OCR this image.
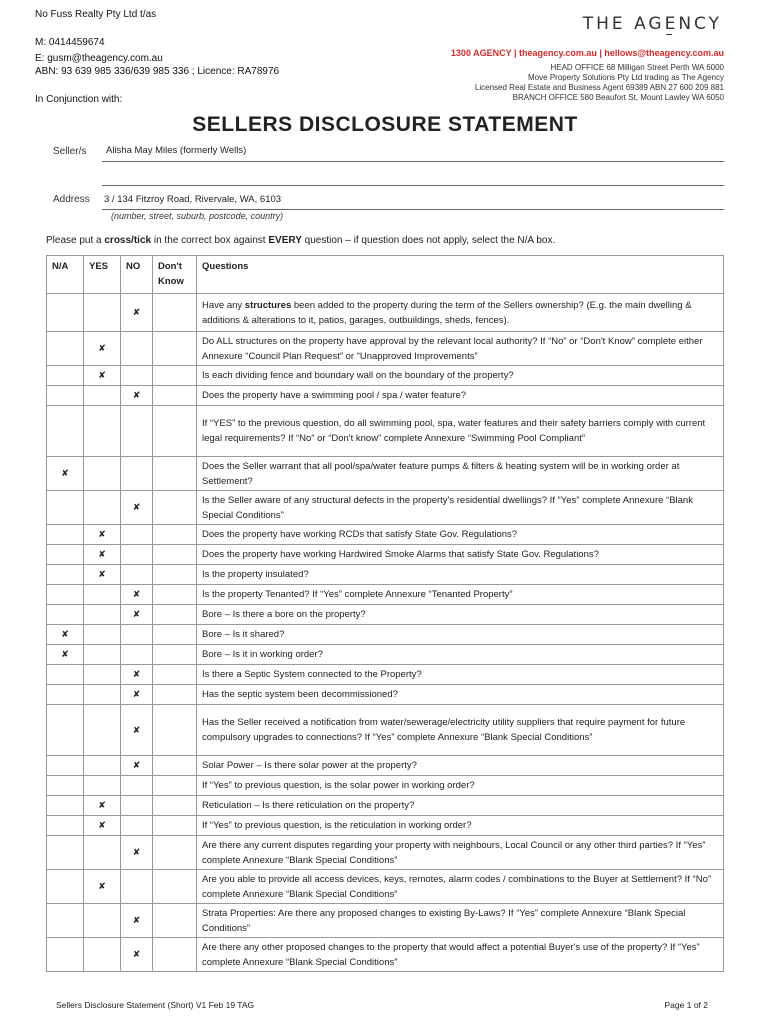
No Fuss Realty Pty Ltd t/as
M: 0414459674
E: gusm@theagency.com.au
ABN: 93 639 985 336/639 985 336 ; Licence: RA78976
In Conjunction with:
THE AGENCY
1300 AGENCY | theagency.com.au | hellows@theagency.com.au
HEAD OFFICE 68 Milligan Street Perth WA 6000
Move Property Solutions Pty Ltd trading as The Agency
Licensed Real Estate and Business Agent 69389 ABN 27 600 209 881
BRANCH OFFICE 580 Beaufort St, Mount Lawley WA 6050
SELLERS DISCLOSURE STATEMENT
Seller/s Alisha May Miles (formerly Wells)
Address 3 / 134 Fitzroy Road, Rivervale, WA, 6103
(number, street, suburb, postcode, country)
Please put a cross/tick in the correct box against EVERY question – if question does not apply, select the N/A box.
N/A	YES	NO	Don't Know	Questions
		✘		Have any structures been added to the property during the term of the Sellers ownership? (E.g. the main dwelling & additions & alterations to it, patios, garages, outbuildings, sheds, fences).
	✘			Do ALL structures on the property have approval by the relevant local authority? If “No” or “Don't Know” complete either Annexure “Council Plan Request” or “Unapproved Improvements”
	✘			Is each dividing fence and boundary wall on the boundary of the property?
		✘		Does the property have a swimming pool / spa / water feature?
				If “YES” to the previous question, do all swimming pool, spa, water features and their safety barriers comply with current legal requirements? If “No” or “Don't know” complete Annexure “Swimming Pool Compliant”
✘				Does the Seller warrant that all pool/spa/water feature pumps & filters & heating system will be in working order at Settlement?
		✘		Is the Seller aware of any structural defects in the property's residential dwellings? If “Yes” complete Annexure “Blank Special Conditions”
	✘			Does the property have working RCDs that satisfy State Gov. Regulations?
	✘			Does the property have working Hardwired Smoke Alarms that satisfy State Gov. Regulations?
	✘			Is the property insulated?
		✘		Is the property Tenanted? If “Yes” complete Annexure “Tenanted Property”
		✘		Bore – Is there a bore on the property?
✘				Bore – Is it shared?
✘				Bore – Is it in working order?
		✘		Is there a Septic System connected to the Property?
		✘		Has the septic system been decommissioned?
		✘		Has the Seller received a notification from water/sewerage/electricity utility suppliers that require payment for future compulsory upgrades to connections? If “Yes” complete Annexure “Blank Special Conditions”
		✘		Solar Power – Is there solar power at the property?
				If “Yes” to previous question, is the solar power in working order?
	✘			Reticulation – Is there reticulation on the property?
	✘			If “Yes” to previous question, is the reticulation in working order?
		✘		Are there any current disputes regarding your property with neighbours, Local Council or any other third parties? If “Yes” complete Annexure “Blank Special Conditions”
	✘			Are you able to provide all access devices, keys, remotes, alarm codes / combinations to the Buyer at Settlement? If “No” complete Annexure “Blank Special Conditions”
		✘		Strata Properties: Are there any proposed changes to existing By-Laws? If “Yes” complete Annexure “Blank Special Conditions”
		✘		Are there any other proposed changes to the property that would affect a potential Buyer's use of the property? If “Yes” complete Annexure “Blank Special Conditions”
Sellers Disclosure Statement (Short) V1 Feb 19 TAG	Page 1 of 2
